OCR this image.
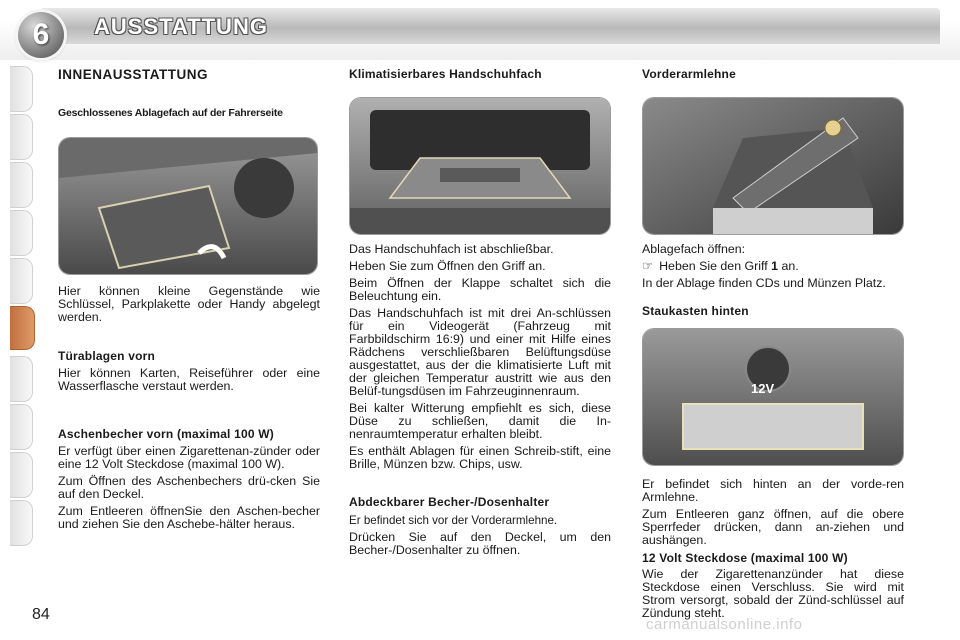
6	AUSSTATTUNG
INNENAUSSTATTUNG
Geschlossenes Ablagefach auf der Fahrerseite

Hier können kleine Gegenstände wie Schlüssel, Parkplakette oder Handy abgelegt werden.

Türablagen vorn

Hier können Karten, Reiseführer oder eine Wasserflasche verstaut werden.

Aschenbecher vorn (maximal 100 W)

Er verfügt über einen Zigarettenan-zünder oder eine 12 Volt Steckdose (maximal 100 W).

Zum Öffnen des Aschenbechers drü-cken Sie auf den Deckel.

Zum Entleeren öffnenSie den Aschen-becher und ziehen Sie den Aschebe-hälter heraus.

Klimatisierbares Handschuhfach

Das Handschuhfach ist abschließbar.

Heben Sie zum Öffnen den Griff an.

Beim Öffnen der Klappe schaltet sich die Beleuchtung ein.

Das Handschuhfach ist mit drei An-schlüssen für ein Videogerät (Fahrzeug mit Farbbildschirm 16:9) und einer mit Hilfe eines Rädchens verschließbaren Belüftungsdüse ausgestattet, aus der die klimatisierte Luft mit der gleichen Temperatur austritt wie aus den Belüf-tungsdüsen im Fahrzeuginnenraum.

Bei kalter Witterung empfiehlt es sich, diese Düse zu schließen, damit die In-nenraumtemperatur erhalten bleibt.

Es enthält Ablagen für einen Schreib-stift, eine Brille, Münzen bzw. Chips, usw.

Abdeckbarer Becher-/Dosenhalter

Er befindet sich vor der Vorderarmlehne.

Drücken Sie auf den Deckel, um den Becher-/Dosenhalter zu öffnen.

Vorderarmlehne

Ablagefach öffnen:

☞ Heben Sie den Griff 1 an.

In der Ablage finden CDs und Münzen Platz.

Staukasten hinten
12V

Er befindet sich hinten an der vorde-ren Armlehne.

Zum Entleeren ganz öffnen, auf die obere Sperrfeder drücken, dann an-ziehen und aushängen.

12 Volt Steckdose (maximal 100 W)

Wie der Zigarettenanzünder hat diese Steckdose einen Verschluss. Sie wird mit Strom versorgt, sobald der Zünd-schlüssel auf Zündung steht.

84
carmanualsonline.info
